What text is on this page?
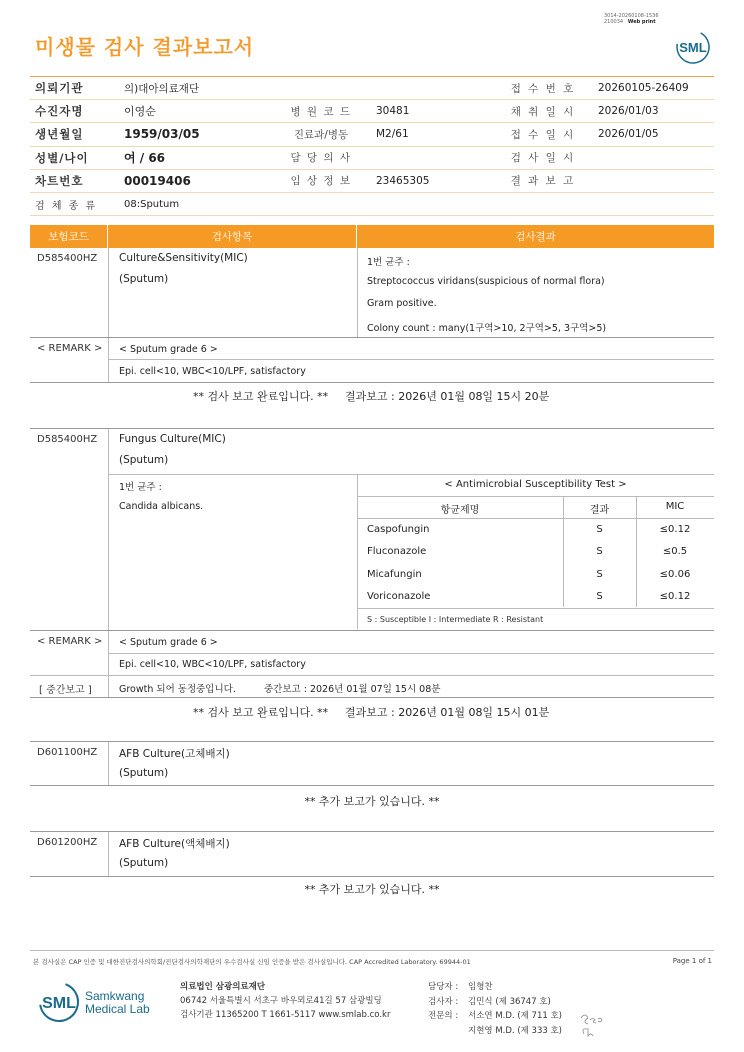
3014-20260108-1536
210034 Web print
미생물 검사 결과보고서	SML
의뢰기관	의)대아의료재단	접 수 번 호	20260105-26409
수진자명	이영순	병 원 코 드	30481	채 취 일 시	2026/01/03
생년월일	1959/03/05	진료과/병동	M2/61	접 수 일 시	2026/01/05
성별/나이	여 / 66	담 당 의 사	검 사 일 시
차트번호	00019406	임 상 정 보	23465305	결 과 보 고
검 체 종 류	08:Sputum
보험코드	검사항목	검사결과
D585400HZ Culture&Sensitivity(MIC)
(Sputum)
1번 균주 :
Streptococcus viridans(suspicious of normal flora)
Gram positive.
Colony count : many(1구역>10, 2구역>5, 3구역>5)
< REMARK > < Sputum grade 6 >
Epi. cell<10, WBC<10/LPF, satisfactory
** 검사 보고 완료입니다. ** 결과보고 : 2026년 01월 08일 15시 20분
D585400HZ Fungus Culture(MIC)
(Sputum)
1번 균주 :
Candida albicans.
< Antimicrobial Susceptibility Test >
항균제명	결과	MIC
Caspofungin	S	≤0.12
Fluconazole	S	≤0.5
Micafungin	S	≤0.06
Voriconazole	S	≤0.12
S : Susceptible I : Intermediate R : Resistant
< REMARK > < Sputum grade 6 >
Epi. cell<10, WBC<10/LPF, satisfactory
[ 중간보고 ]	Growth 되어 동정중입니다.	중간보고 : 2026년 01월 07일 15시 08분
** 검사 보고 완료입니다. ** 결과보고 : 2026년 01월 08일 15시 01분
D601100HZ AFB Culture(고체배지)
(Sputum)
** 추가 보고가 있습니다. **
D601200HZ AFB Culture(액체배지)
(Sputum)
** 추가 보고가 있습니다. **
본 검사실은 CAP 인증 및 대한진단검사의학회/진단검사의학재단의 우수검사실 신임 인증을 받은 검사실입니다. CAP Accredited Laboratory. 69944-01	Page 1 of 1
SML Samkwang
Medical Lab
의료법인 삼광의료재단
06742 서울특별시 서초구 바우뫼로41길 57 삼광빌딩
검사기관 11365200 T 1661-5117 www.smlab.co.kr
담당자 :	임형찬
검사자 :	김민식 (제 36747 호)
전문의 :	서소연 M.D. (제 711 호)
지현영 M.D. (제 333 호)
